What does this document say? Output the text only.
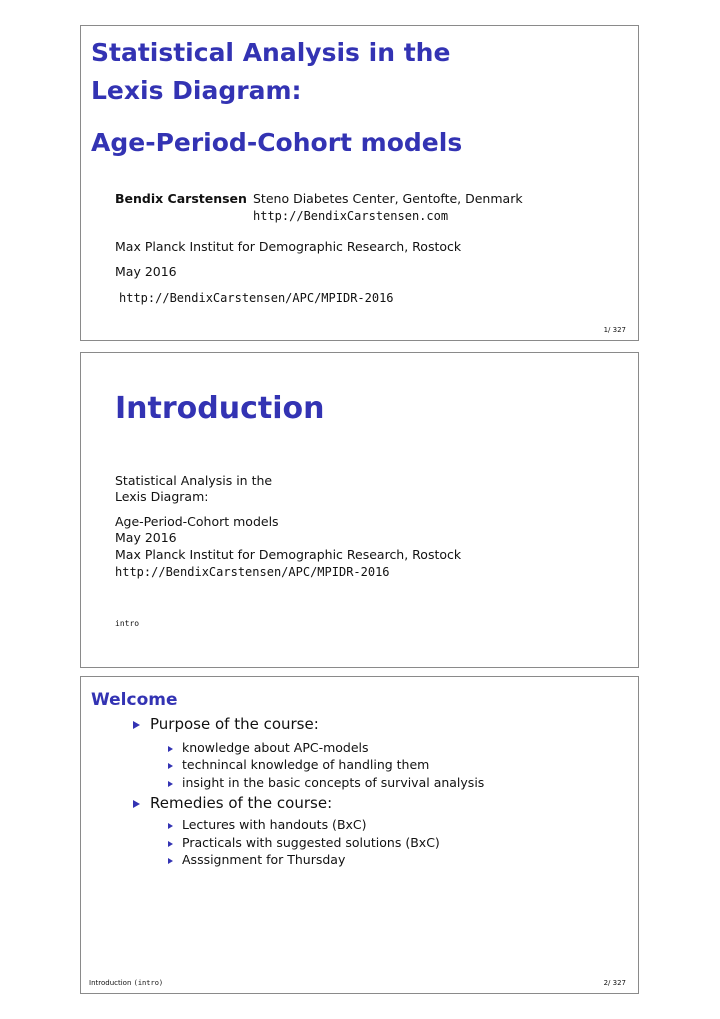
Statistical Analysis in the
Lexis Diagram:
Age-Period-Cohort models
Bendix Carstensen Steno Diabetes Center, Gentofte, Denmark
http://BendixCarstensen.com
Max Planck Institut for Demographic Research, Rostock
May 2016
http://BendixCarstensen/APC/MPIDR-2016
1/ 327
Introduction
Statistical Analysis in the
Lexis Diagram:
Age-Period-Cohort models
May 2016
Max Planck Institut for Demographic Research, Rostock
http://BendixCarstensen/APC/MPIDR-2016
intro
Welcome
Purpose of the course:
knowledge about APC-models
technincal knowledge of handling them
insight in the basic concepts of survival analysis
Remedies of the course:
Lectures with handouts (BxC)
Practicals with suggested solutions (BxC)
Asssignment for Thursday
Introduction (intro)	2/ 327
